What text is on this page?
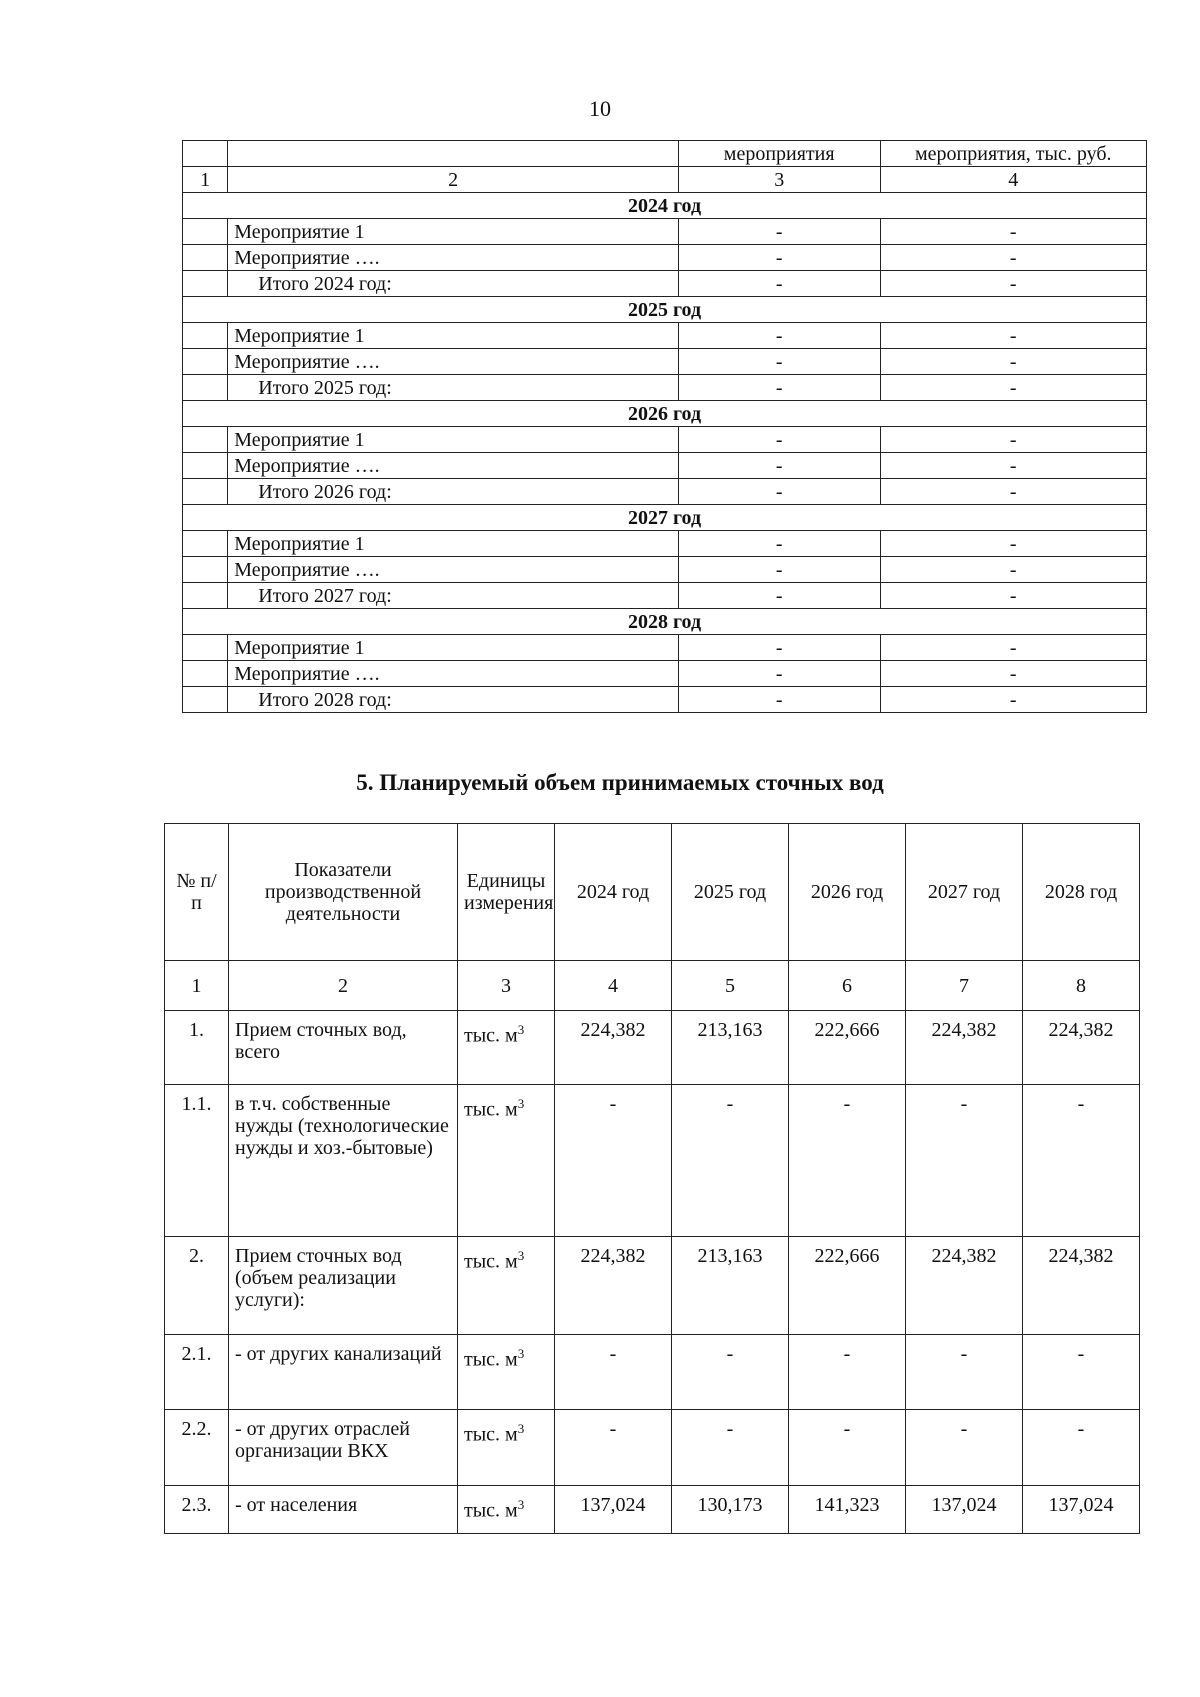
10
		мероприятия	мероприятия, тыс. руб.
1	2	3	4
2024 год			
	Мероприятие 1	-	-
	Мероприятие ….	-	-
	Итого 2024 год:	-	-
2025 год			
	Мероприятие 1	-	-
	Мероприятие ….	-	-
	Итого 2025 год:	-	-
2026 год			
	Мероприятие 1	-	-
	Мероприятие ….	-	-
	Итого 2026 год:	-	-
2027 год			
	Мероприятие 1	-	-
	Мероприятие ….	-	-
	Итого 2027 год:	-	-
2028 год			
	Мероприятие 1	-	-
	Мероприятие ….	-	-
	Итого 2028 год:	-	-
5. Планируемый объем принимаемых сточных вод
№ п/п	Показатели производственной деятельности	Единицы измерения	2024 год	2025 год	2026 год	2027 год	2028 год
1	2	3	4	5	6	7	8
1.	Прием сточных вод, всего	тыс. $м^3$	224,382	213,163	222,666	224,382	224,382
1.1.	в т.ч. собственные нужды (технологические нужды и хоз.-бытовые)	тыс. $м^3$	-	-	-	-	-
2.	Прием сточных вод (объем реализации услуги):	тыс. $м^3$	224,382	213,163	222,666	224,382	224,382
2.1.	- от других канализаций	тыс. $м^3$	-	-	-	-	-
2.2.	- от других отраслей организации ВКХ	тыс. $м^3$	-	-	-	-	-
2.3.	- от населения	тыс. $м^3$	137,024	130,173	141,323	137,024	137,024
